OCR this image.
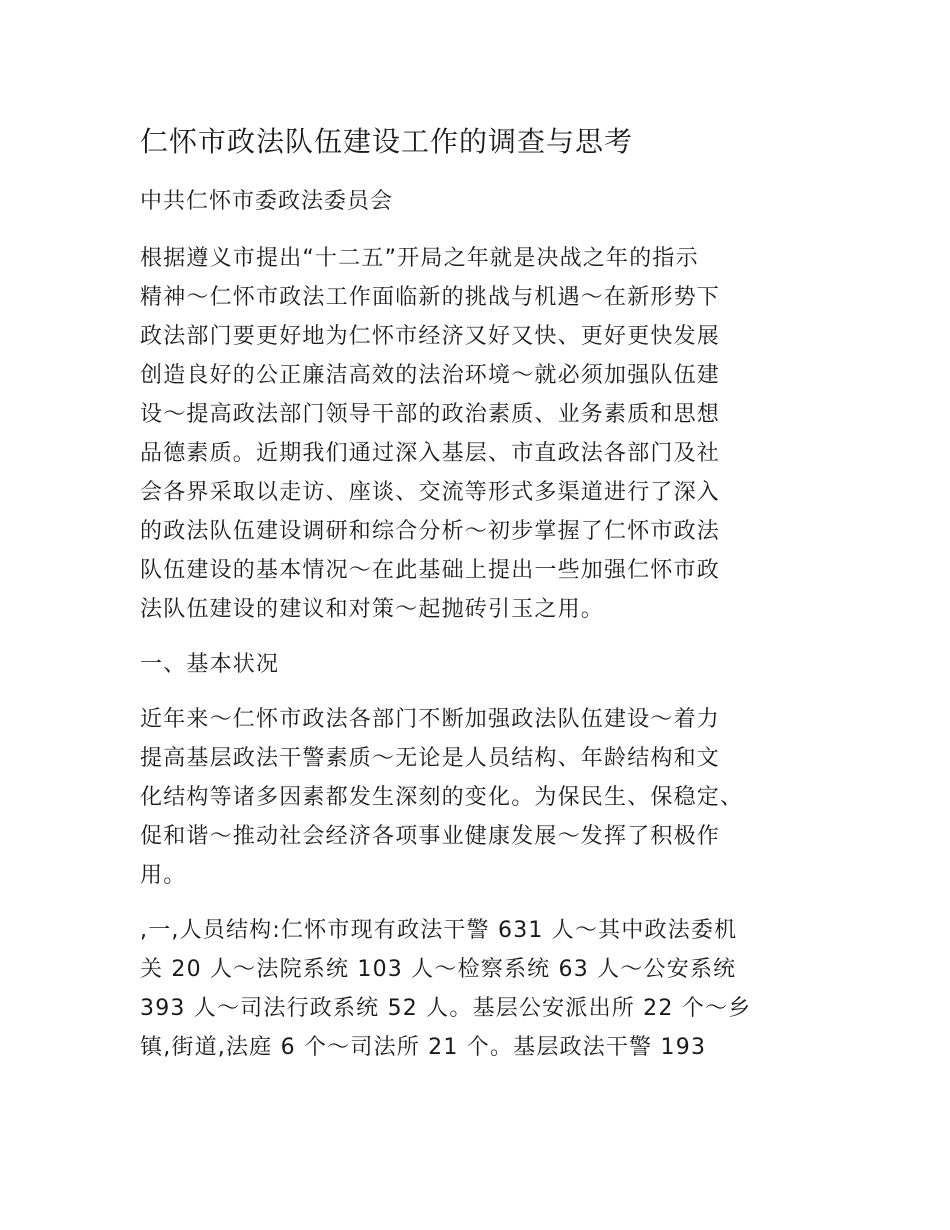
仁怀市政法队伍建设工作的调查与思考
中共仁怀市委政法委员会

根据遵义市提出“十二五”开局之年就是决战之年的指示
精神～仁怀市政法工作面临新的挑战与机遇～在新形势下
政法部门要更好地为仁怀市经济又好又快、更好更快发展
创造良好的公正廉洁高效的法治环境～就必须加强队伍建
设～提高政法部门领导干部的政治素质、业务素质和思想
品德素质。近期我们通过深入基层、市直政法各部门及社
会各界采取以走访、座谈、交流等形式多渠道进行了深入
的政法队伍建设调研和综合分析～初步掌握了仁怀市政法
队伍建设的基本情况～在此基础上提出一些加强仁怀市政
法队伍建设的建议和对策～起抛砖引玉之用。

一、基本状况

近年来～仁怀市政法各部门不断加强政法队伍建设～着力
提高基层政法干警素质～无论是人员结构、年龄结构和文
化结构等诸多因素都发生深刻的变化。为保民生、保稳定、
促和谐～推动社会经济各项事业健康发展～发挥了积极作
用。

,一,人员结构:仁怀市现有政法干警 631 人～其中政法委机
关 20 人～法院系统 103 人～检察系统 63 人～公安系统
393 人～司法行政系统 52 人。基层公安派出所 22 个～乡
镇,街道,法庭 6 个～司法所 21 个。基层政法干警 193
